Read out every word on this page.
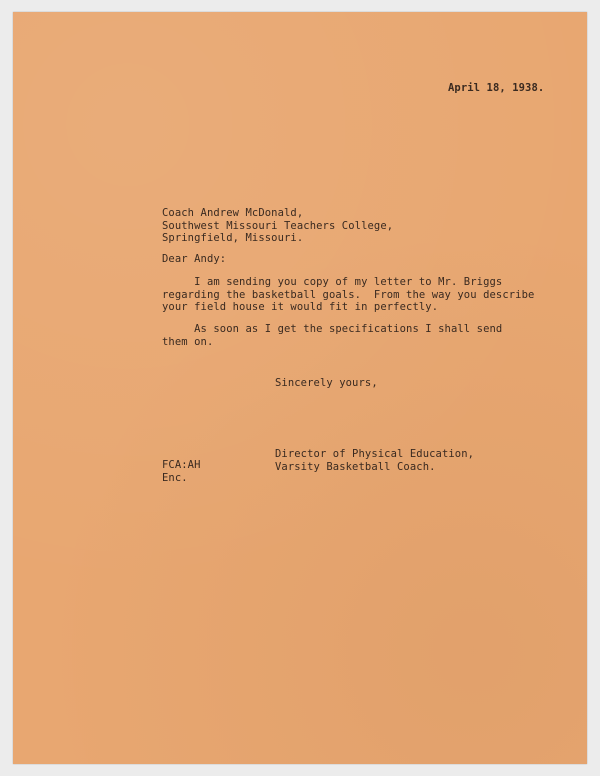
April 18, 1938.

Coach Andrew McDonald,
Southwest Missouri Teachers College,
Springfield, Missouri.

Dear Andy:

I am sending you copy of my letter to Mr. Briggs
regarding the basketball goals.  From the way you describe
your field house it would fit in perfectly.
As soon as I get the specifications I shall send
them on.

Sincerely yours,

Director of Physical Education,
Varsity Basketball Coach.
FCA:AH
Enc.
